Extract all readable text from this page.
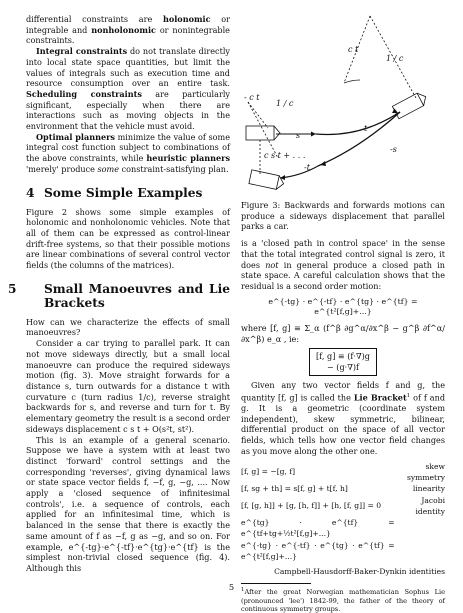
differential constraints are holonomic or integrable and nonholonomic or nonintegrable constraints.

Integral constraints do not translate directly into local state space quantities, but limit the values of integrals such as execution time and resource consumption over an entire task. Scheduling constraints are particularly significant, especially when there are interactions such as moving objects in the environment that the vehicle must avoid.

Optimal planners minimize the value of some integral cost function subject to combinations of the above constraints, while heuristic planners 'merely' produce some constraint-satisfying plan.

4 Some Simple Examples

Figure 2 shows some simple examples of holonomic and nonholonomic vehicles. Note that all of them can be expressed as control-linear drift-free systems, so that their possible motions are linear combinations of several control vector fields (the columns of the matrices).

5 Small Manoeuvres and Lie Brackets

How can we characterize the effects of small manoeuvres?

Consider a car trying to parallel park. It can not move sideways directly, but a small local manoeuvre can produce the required sideways motion (fig. 3). Move straight forwards for a distance s, turn outwards for a distance t with curvature c (turn radius 1/c), reverse straight backwards for s, and reverse and turn for t. By elementary geometry the result is a second order sideways displacement c s t + O(s²t, st²).

This is an example of a general scenario. Suppose we have a system with at least two distinct 'forward' control settings and the corresponding 'reverses', giving dynamical laws or state space vector fields f, −f, g, −g, .... Now apply a 'closed sequence of infinitesimal controls', i.e. a sequence of controls, each applied for an infinitesimal time, which is balanced in the sense that there is exactly the same amount of f as −f, g as −g, and so on. For example, e^{-tg}·e^{-tf}·e^{tg}·e^{tf} is the simplest non-trivial closed sequence (fig. 4). Although this

c t
1 / c
- c t
1 / c
s
t
-s
c s t + . . .
-t

Figure 3: Backwards and forwards motions can produce a sideways displacement that parallel parks a car.

is a 'closed path in control space' in the sense that the total integrated control signal is zero, it does not in general produce a closed path in state space. A careful calculation shows that the residual is a second order motion:

e^{-tg} · e^{-tf} · e^{tg} · e^{tf} = e^{t²[f,g]+...}

where [f, g] ≡ Σ_α (f^β ∂g^α/∂x^β − g^β ∂f^α/∂x^β) e_α , ie:

[f, g] ≡ (f·∇)g − (g·∇)f

Given any two vector fields f and g, the quantity [f, g] is called the Lie Bracket$^1$ of f and g. It is a geometric (coordinate system independent), skew symmetric, bilinear, differential product on the space of all vector fields, which tells how one vector field changes as you move along the other one.

[f, g] = −[g, f]	skew symmetry
[f, sg + th] = s[f, g] + t[f, h]	linearity
[f, [g, h]] + [g, [h, f]] + [h, [f, g]] = 0	Jacobi identity
e^{tg} · e^{tf} = e^{tf+tg+½t²[f,g]+...}	
e^{-tg} · e^{-tf} · e^{tg} · e^{tf} = e^{t²[f,g]+...}	
Campbell-Hausdorff-Baker-Dynkin identities

$^1$After the great Norwegian mathematician Sophus Lie (pronounced 'lee') 1842-99, the father of the theory of continuous symmetry groups.

5
